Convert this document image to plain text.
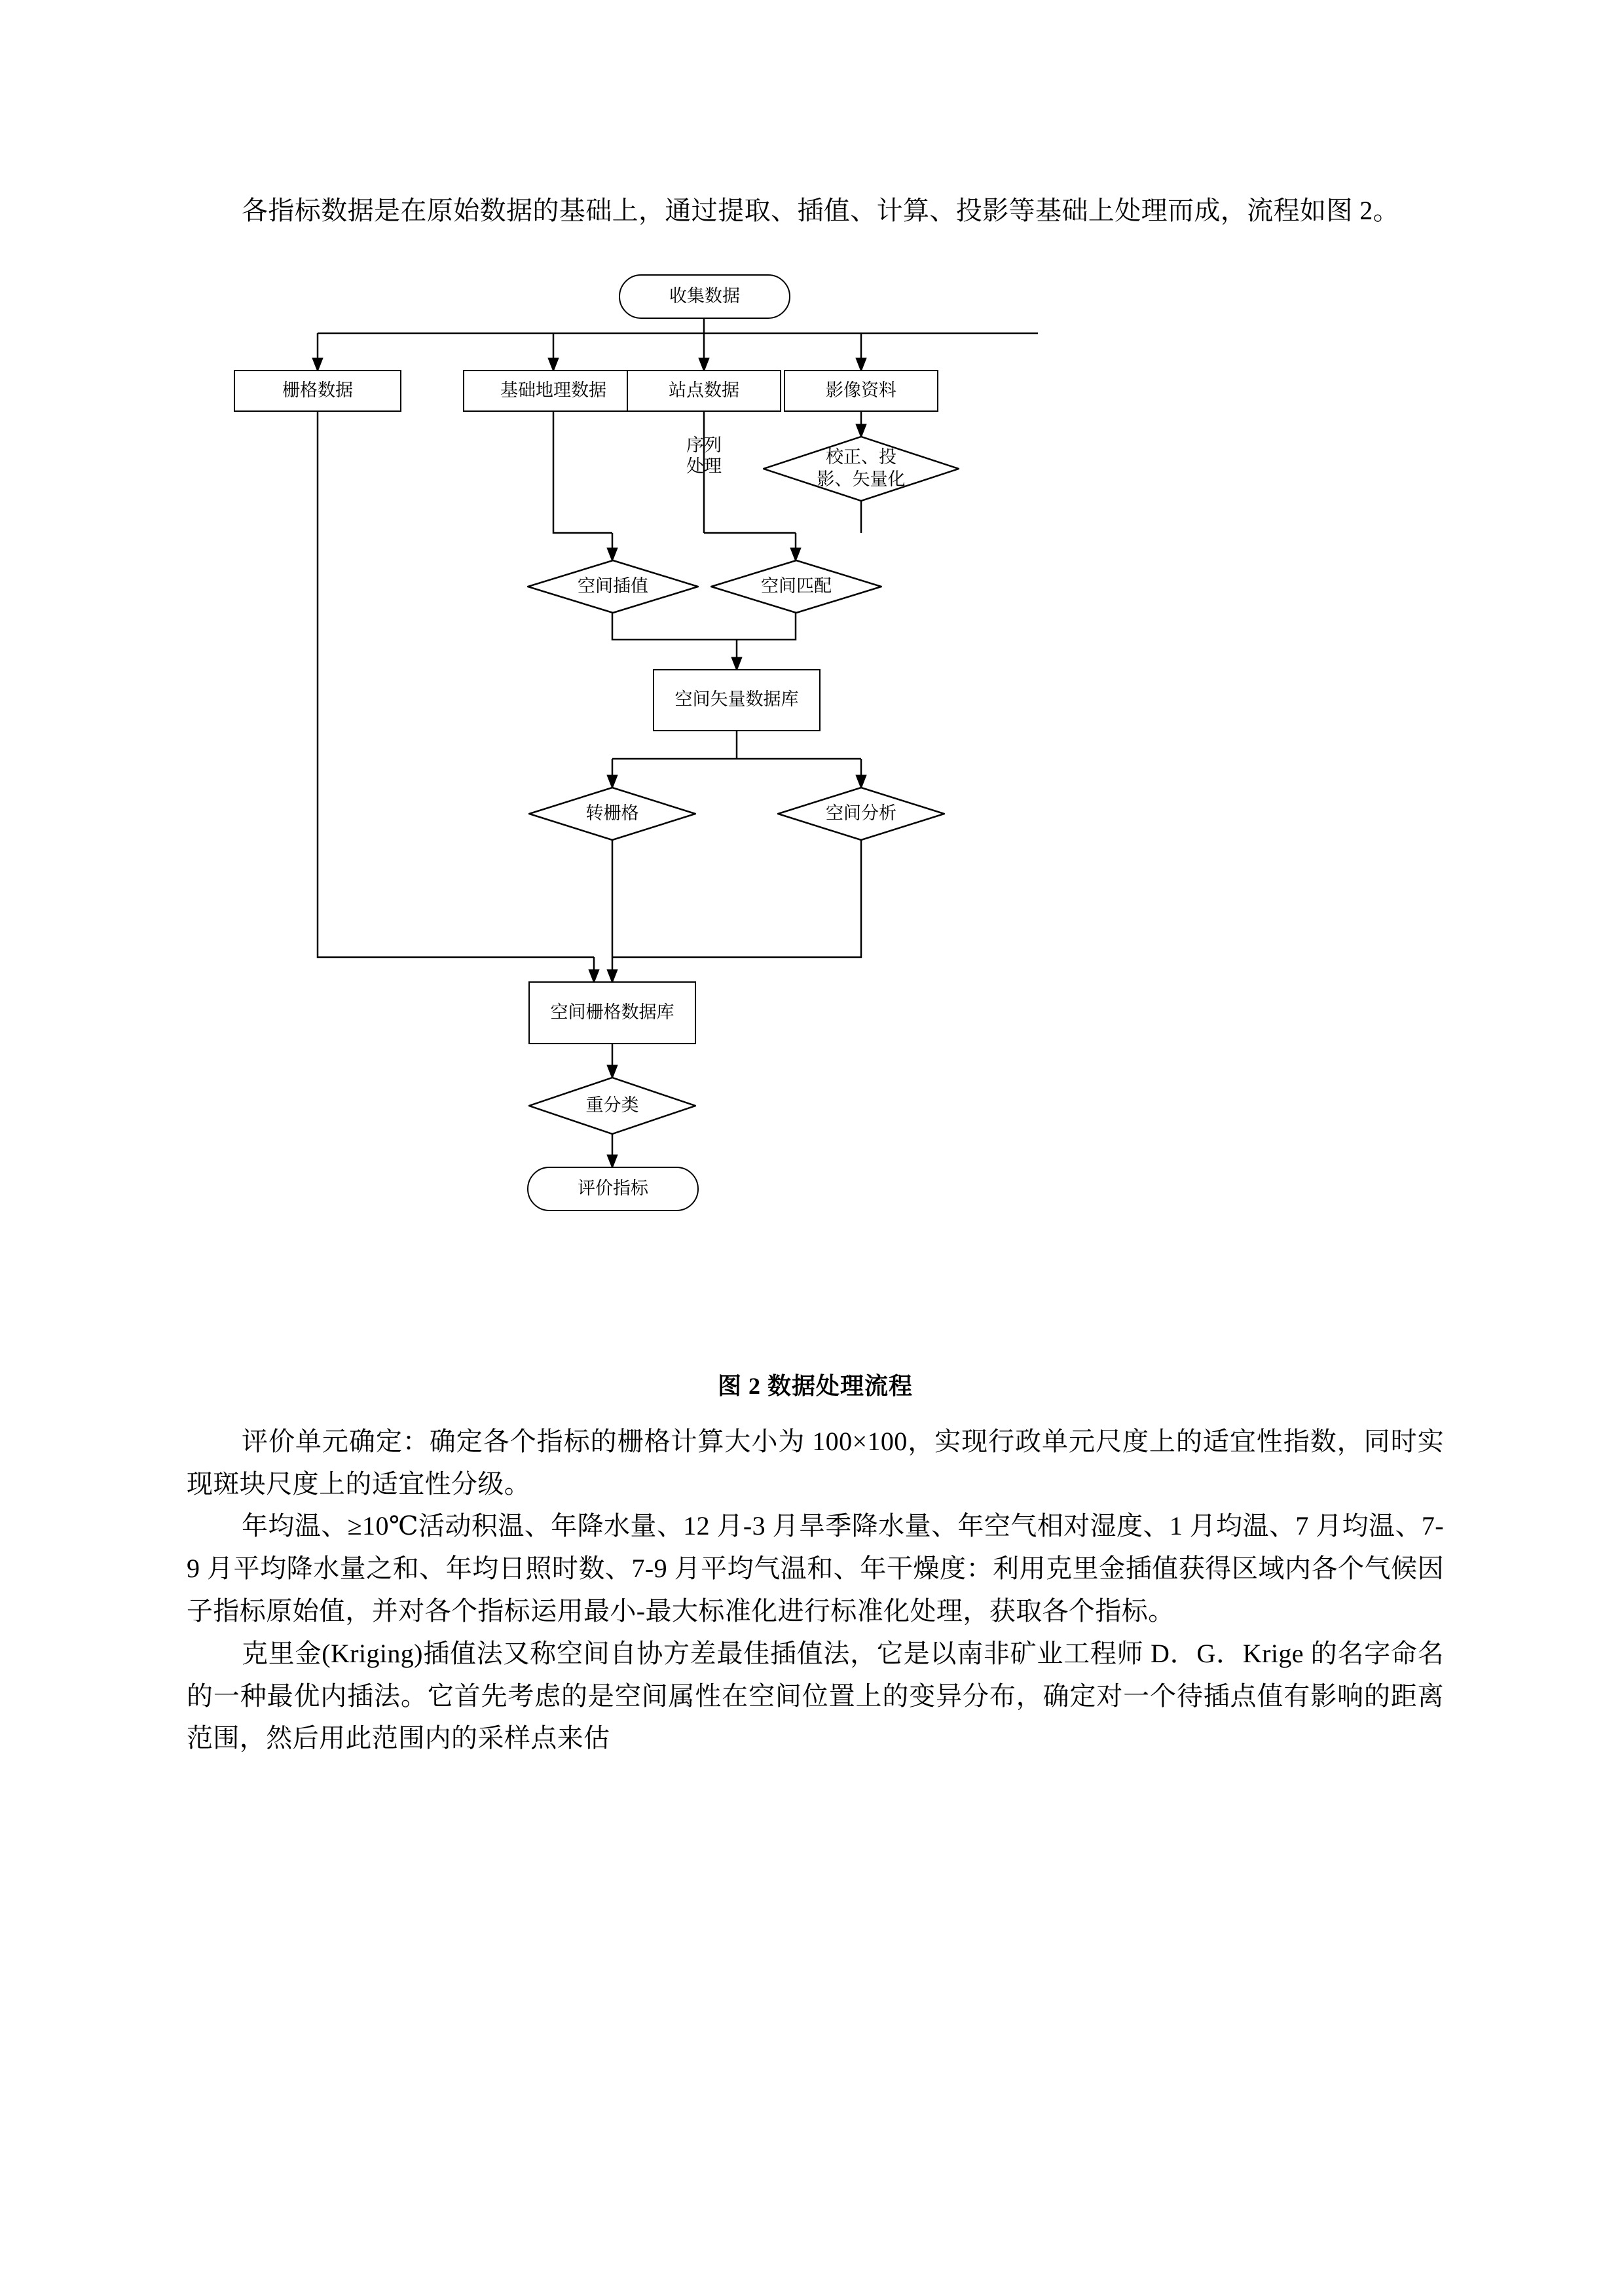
各指标数据是在原始数据的基础上，通过提取、插值、计算、投影等基础上处理而成，流程如图 2。

收集数据
栅格数据	基础地理数据	站点数据	影像资料
序列处理	校正、投影、矢量化
空间插值	空间匹配
空间矢量数据库
转栅格	空间分析
空间栅格数据库
重分类
评价指标

图 2 数据处理流程

评价单元确定：确定各个指标的栅格计算大小为 100×100，实现行政单元尺度上的适宜性指数，同时实现斑块尺度上的适宜性分级。

年均温、≥10℃活动积温、年降水量、12 月-3 月旱季降水量、年空气相对湿度、1 月均温、7 月均温、7-9 月平均降水量之和、年均日照时数、7-9 月平均气温和、年干燥度：利用克里金插值获得区域内各个气候因子指标原始值，并对各个指标运用最小-最大标准化进行标准化处理，获取各个指标。

克里金(Kriging)插值法又称空间自协方差最佳插值法，它是以南非矿业工程师 D．G．Krige 的名字命名的一种最优内插法。它首先考虑的是空间属性在空间位置上的变异分布，确定对一个待插点值有影响的距离范围，然后用此范围内的采样点来估
